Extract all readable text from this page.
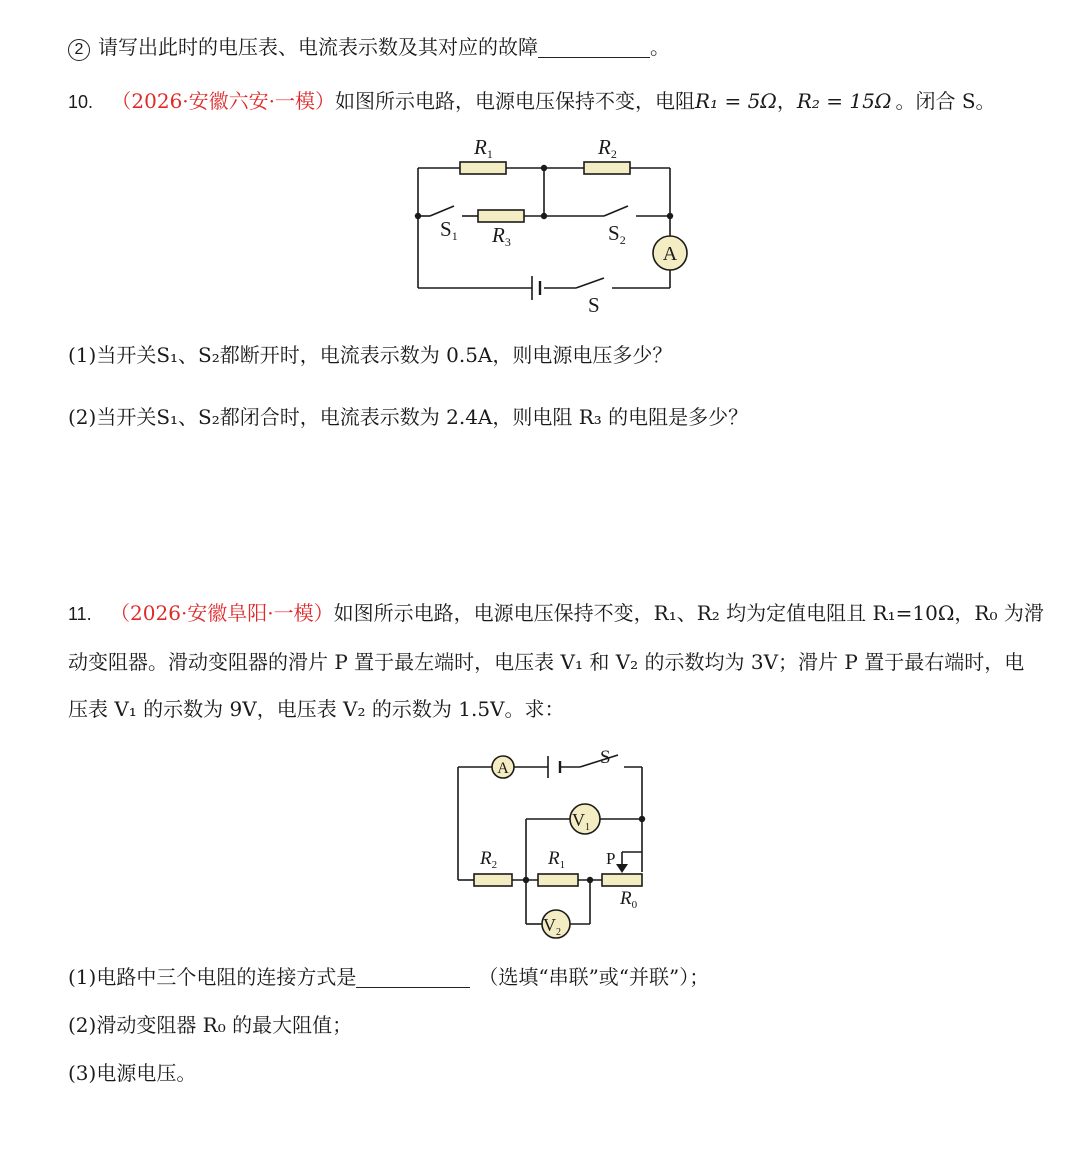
2 请写出此时的电压表、电流表示数及其对应的故障	。
10. （2026·安徽六安·一模）如图所示电路，电源电压保持不变，电阻R₁ = 5Ω，R₂ = 15Ω 。闭合 S。
A
R1	R2
R3
S1	S2
S
(1)当开关S₁、S₂都断开时，电流表示数为 0.5A，则电源电压多少？
(2)当开关S₁、S₂都闭合时，电流表示数为 2.4A，则电阻 R₃ 的电阻是多少？
11. （2026·安徽阜阳·一模）如图所示电路，电源电压保持不变，R₁、R₂ 均为定值电阻且 R₁=10Ω，R₀ 为滑
动变阻器。滑动变阻器的滑片 P 置于最左端时，电压表 V₁ 和 V₂ 的示数均为 3V；滑片 P 置于最右端时，电
压表 V₁ 的示数为 9V，电压表 V₂ 的示数为 1.5V。求：
A
$V_1$
$V_2$
S
$R_2$	$R_1$ P
$R_0$
(1)电路中三个电阻的连接方式是	（选填“串联”或“并联”）；
(2)滑动变阻器 R₀ 的最大阻值；
(3)电源电压。
